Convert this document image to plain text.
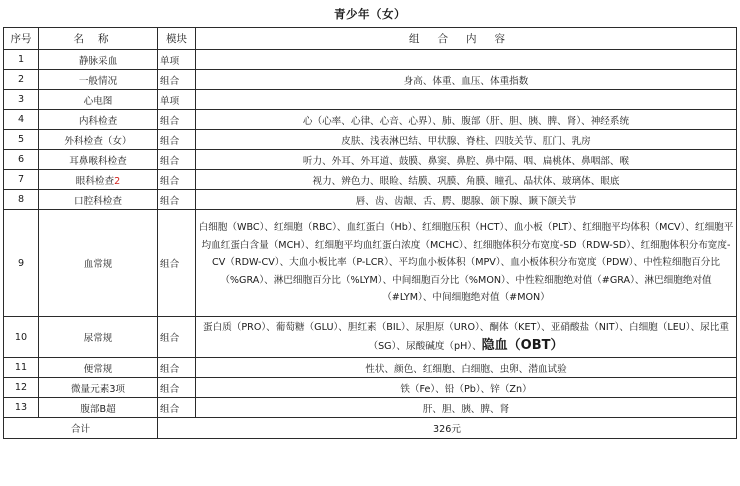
青少年（女）
序号	名称	模块	组合内容
1	静脉采血	单项	
2	一般情况	组合	身高、体重、血压、体重指数
3	心电图	单项	
4	内科检查	组合	心（心率、心律、心音、心界）、肺、腹部（肝、胆、胰、脾、肾）、神经系统
5	外科检查（女）	组合	皮肤、浅表淋巴结、甲状腺、脊柱、四肢关节、肛门、乳房
6	耳鼻喉科检查	组合	听力、外耳、外耳道、鼓膜、鼻窦、鼻腔、鼻中隔、咽、扁桃体、鼻咽部、喉
7	眼科检查2	组合	视力、辨色力、眼睑、结膜、巩膜、角膜、瞳孔、晶状体、玻璃体、眼底
8	口腔科检查	组合	唇、齿、齿龈、舌、腭、腮腺、颌下腺、颞下颌关节
9	血常规	组合	白细胞（WBC）、红细胞（RBC）、血红蛋白（Hb）、红细胞压积（HCT）、血小板（PLT）、红细胞平均体积（MCV）、红细胞平均血红蛋白含量（MCH）、红细胞平均血红蛋白浓度（MCHC）、红细胞体积分布宽度-SD（RDW-SD）、红细胞体积分布宽度-CV（RDW-CV）、大血小板比率（P-LCR）、平均血小板体积（MPV）、血小板体积分布宽度（PDW）、中性粒细胞百分比（%GRA）、淋巴细胞百分比（%LYM）、中间细胞百分比（%MON）、中性粒细胞绝对值（#GRA）、淋巴细胞绝对值（#LYM）、中间细胞绝对值（#MON）

10	尿常规	组合	蛋白质（PRO）、葡萄糖（GLU）、胆红素（BIL）、尿胆原（URO）、酮体（KET）、亚硝酸盐（NIT）、白细胞（LEU）、尿比重（SG）、尿酸碱度（pH）、隐血（OBT）

11	便常规	组合	性状、颜色、红细胞、白细胞、虫卵、潜血试验
12	微量元素3项	组合	铁（Fe）、铅（Pb）、锌（Zn）
13	腹部B超	组合	肝、胆、胰、脾、肾
合计		326元	
